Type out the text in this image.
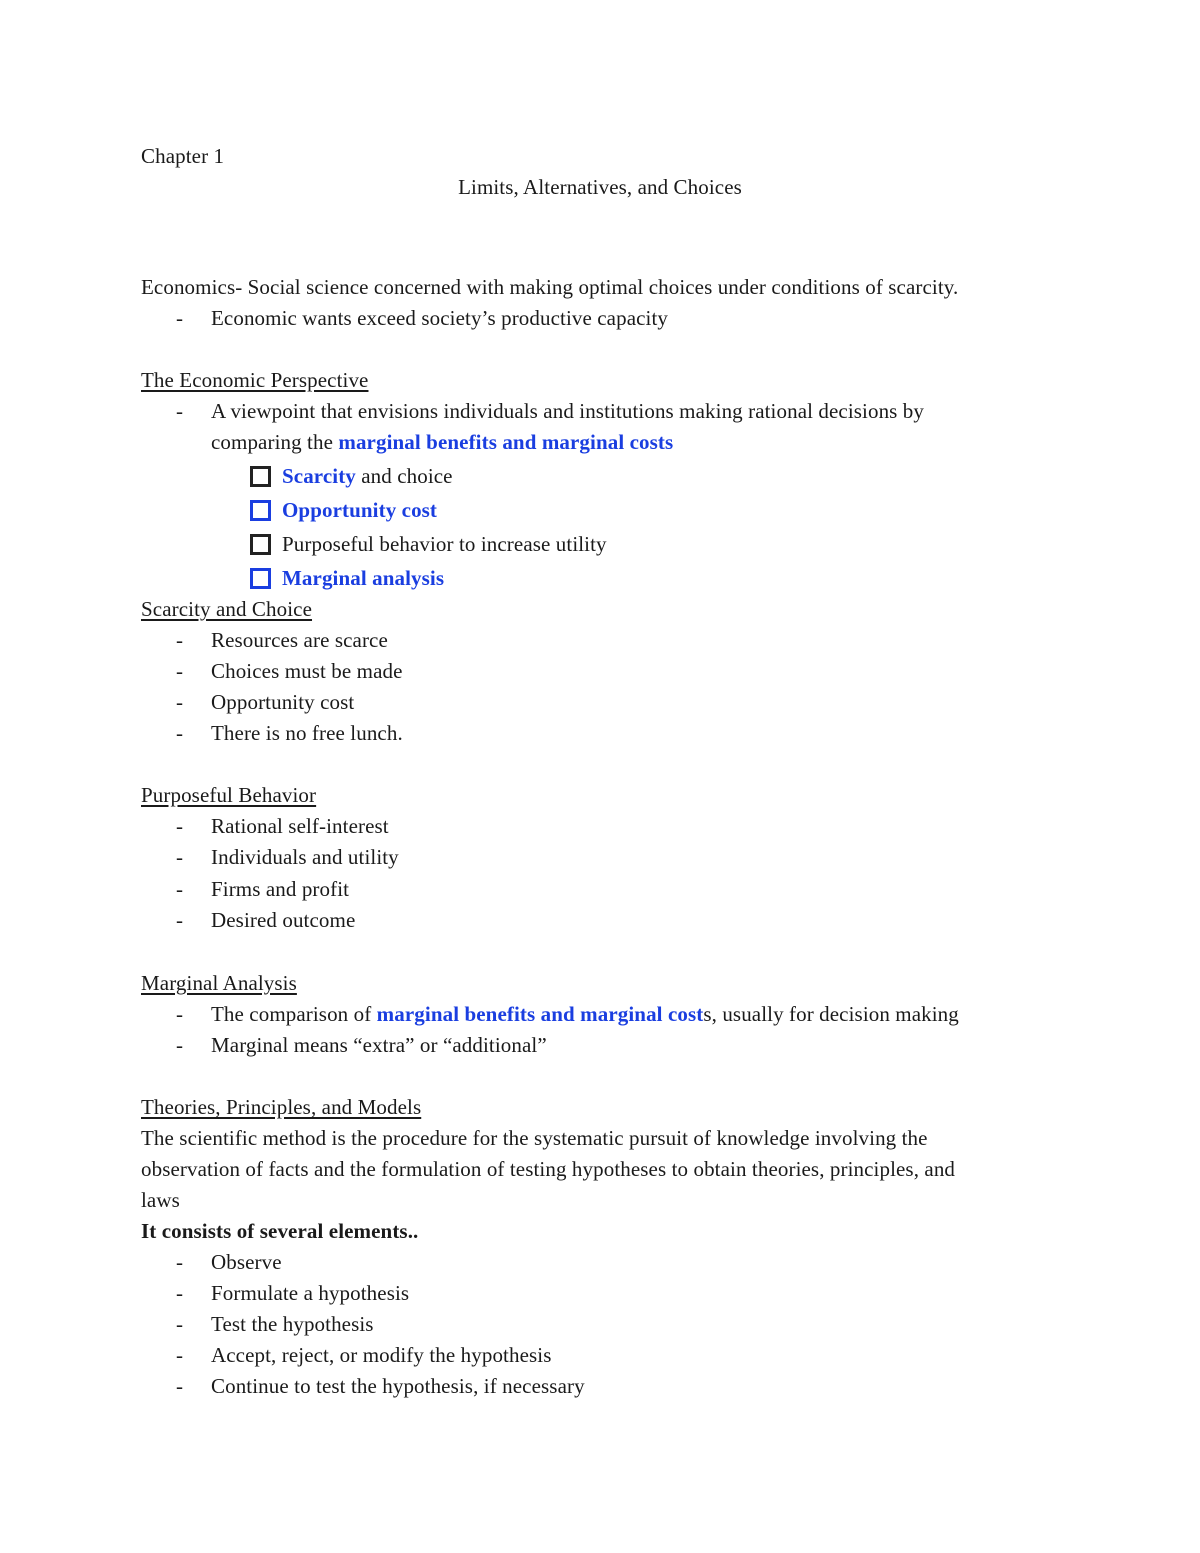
Chapter 1
Limits, Alternatives, and Choices
Economics- Social science concerned with making optimal choices under conditions of scarcity.
- Economic wants exceed society’s productive capacity
The Economic Perspective
- A viewpoint that envisions individuals and institutions making rational decisions by
comparing the marginal benefits and marginal costs
Scarcity and choice
Opportunity cost
Purposeful behavior to increase utility
Marginal analysis
Scarcity and Choice
- Resources are scarce
- Choices must be made
- Opportunity cost
- There is no free lunch.
Purposeful Behavior
- Rational self-interest
- Individuals and utility
- Firms and profit
- Desired outcome
Marginal Analysis
- The comparison of marginal benefits and marginal costs, usually for decision making
- Marginal means “extra” or “additional”
Theories, Principles, and Models
The scientific method is the procedure for the systematic pursuit of knowledge involving the
observation of facts and the formulation of testing hypotheses to obtain theories, principles, and
laws
It consists of several elements..
- Observe
- Formulate a hypothesis
- Test the hypothesis
- Accept, reject, or modify the hypothesis
- Continue to test the hypothesis, if necessary
